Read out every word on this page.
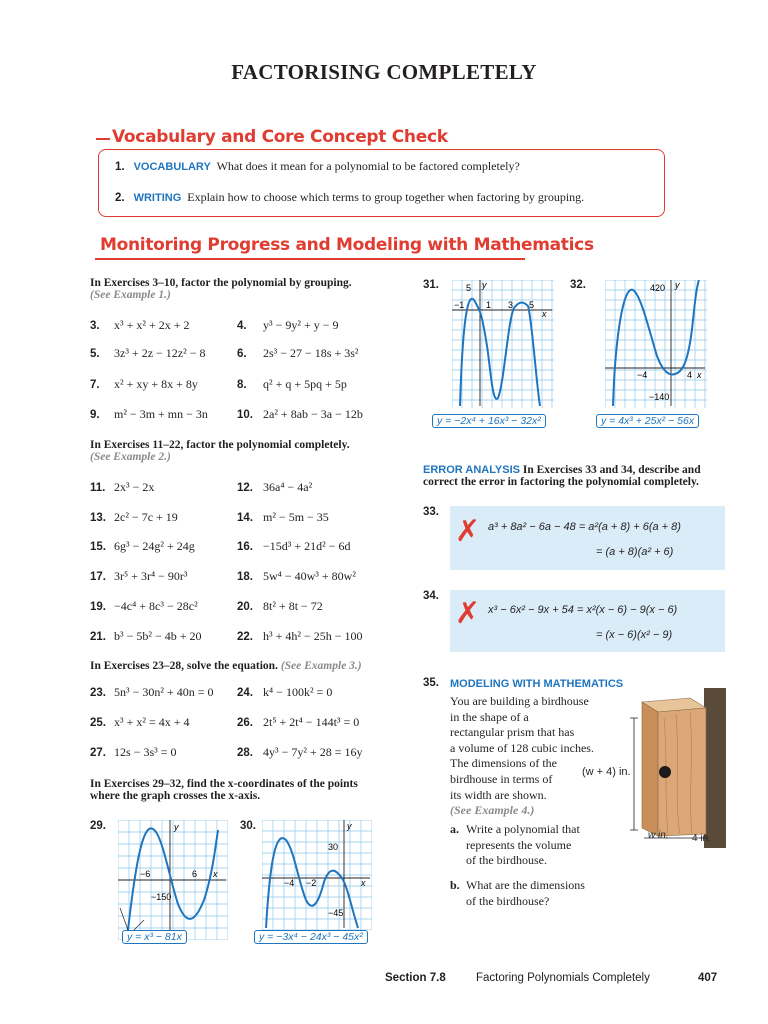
FACTORISING COMPLETELY
Vocabulary and Core Concept Check
1. VOCABULARY What does it mean for a polynomial to be factored completely?
2. WRITING Explain how to choose which terms to group together when factoring by grouping.
Monitoring Progress and Modeling with Mathematics
In Exercises 3–10, factor the polynomial by grouping.
(See Example 1.)
3. x³ + x² + 2x + 2	4. y³ − 9y² + y − 9
5. 3z³ + 2z − 12z² − 8	6. 2s³ − 27 − 18s + 3s²
7. x² + xy + 8x + 8y	8. q² + q + 5pq + 5p
9. m² − 3m + mn − 3n	10. 2a² + 8ab − 3a − 12b
11. 2x³ − 2x	12. 36a⁴ − 4a²
13. 2c² − 7c + 19	14. m² − 5m − 35
15. 6g³ − 24g² + 24g	16. −15d³ + 21d² − 6d
17. 3r⁵ + 3r⁴ − 90r³	18. 5w⁴ − 40w³ + 80w²
19. −4c⁴ + 8c³ − 28c²	20. 8t² + 8t − 72
21. b³ − 5b² − 4b + 20	22. h³ + 4h² − 25h − 100
23. 5n³ − 30n² + 40n = 0 24. k⁴ − 100k² = 0
25. x³ + x² = 4x + 4	26. 2t⁵ + 2t⁴ − 144t³ = 0
27. 12s − 3s³ = 0	28. 4y³ − 7y² + 28 = 16y
In Exercises 11–22, factor the polynomial completely.
(See Example 2.)
In Exercises 23–28, solve the equation. (See Example 3.)
In Exercises 29–32, find the x-coordinates of the points
where the graph crosses the x-axis.
29.	y
−6	6 x
−150
y = x³ − 81x
30.	y
30
−4 −2	x
−45
y = −3x⁴ − 24x³ − 45x²
31.	5 y
−1 1 3 5
x
y = −2x⁴ + 16x³ − 32x²
32.	420 y
−4	4 x
−140
y = 4x³ + 25x² − 56x
ERROR ANALYSIS In Exercises 33 and 34, describe and
correct the error in factoring the polynomial completely.
33.
✗ a³ + 8a² − 6a − 48 = a²(a + 8) + 6(a + 8)
= (a + 8)(a² + 6)
34. ✗ x³ − 6x² − 9x + 54 = x²(x − 6) − 9(x − 6)
= (x − 6)(x² − 9)
35. MODELING WITH MATHEMATICS
You are building a birdhouse
in the shape of a
rectangular prism that has
a volume of 128 cubic inches.
The dimensions of the
birdhouse in terms of
its width are shown.
(See Example 4.)
a. Write a polynomial that
represents the volume
of the birdhouse.
b. What are the dimensions
of the birdhouse?
(w + 4) in.
w in. 4 in.
Section 7.8	Factoring Polynomials Completely	407
